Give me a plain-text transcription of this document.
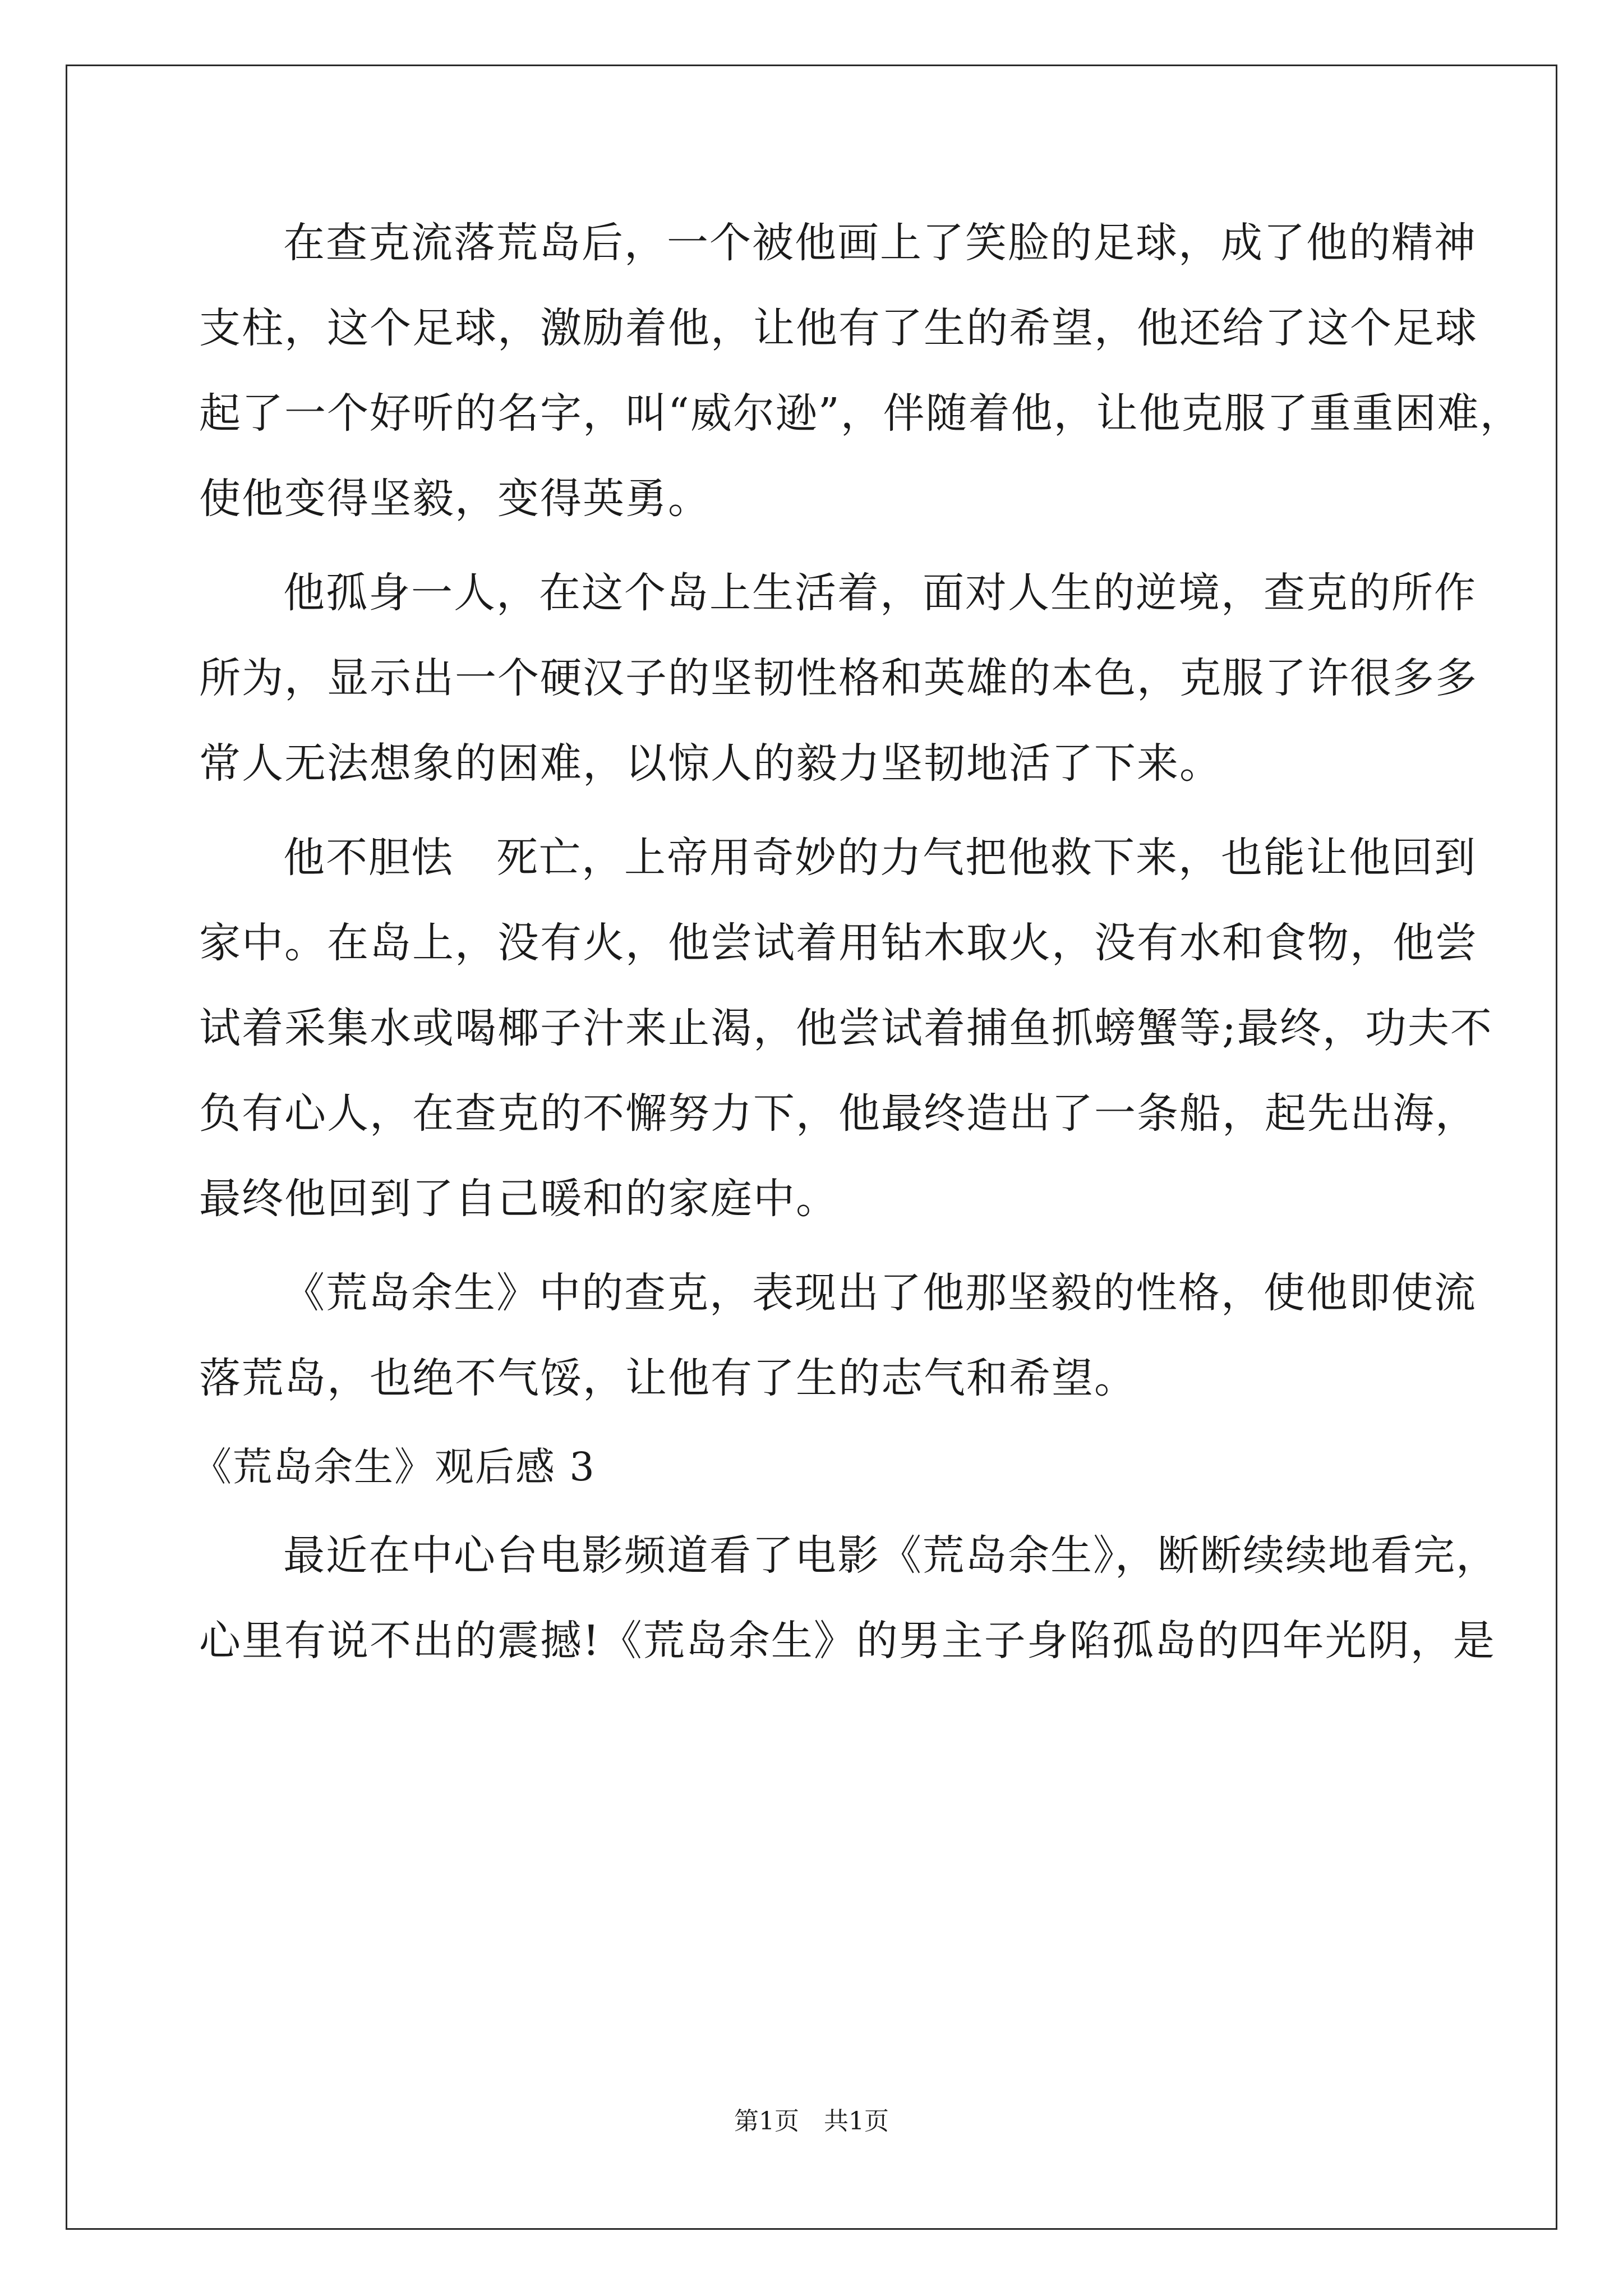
在查克流落荒岛后，一个被他画上了笑脸的足球，成了他的精神
支柱，这个足球，激励着他，让他有了生的希望，他还给了这个足球
起了一个好听的名字，叫“威尔逊”，伴随着他，让他克服了重重困难，
使他变得坚毅，变得英勇。
他孤身一人，在这个岛上生活着，面对人生的逆境，查克的所作
所为，显示出一个硬汉子的坚韧性格和英雄的本色，克服了许很多多
常人无法想象的困难，以惊人的毅力坚韧地活了下来。
他不胆怯　死亡，上帝用奇妙的力气把他救下来，也能让他回到
家中。在岛上，没有火，他尝试着用钻木取火，没有水和食物，他尝
试着采集水或喝椰子汁来止渴，他尝试着捕鱼抓螃蟹等;最终，功夫不
负有心人，在查克的不懈努力下，他最终造出了一条船，起先出海，
最终他回到了自己暖和的家庭中。
《荒岛余生》中的查克，表现出了他那坚毅的性格，使他即使流
落荒岛，也绝不气馁，让他有了生的志气和希望。
《荒岛余生》观后感 3
最近在中心台电影频道看了电影《荒岛余生》，断断续续地看完，
心里有说不出的震撼!《荒岛余生》的男主子身陷孤岛的四年光阴，是
第1页　共1页
